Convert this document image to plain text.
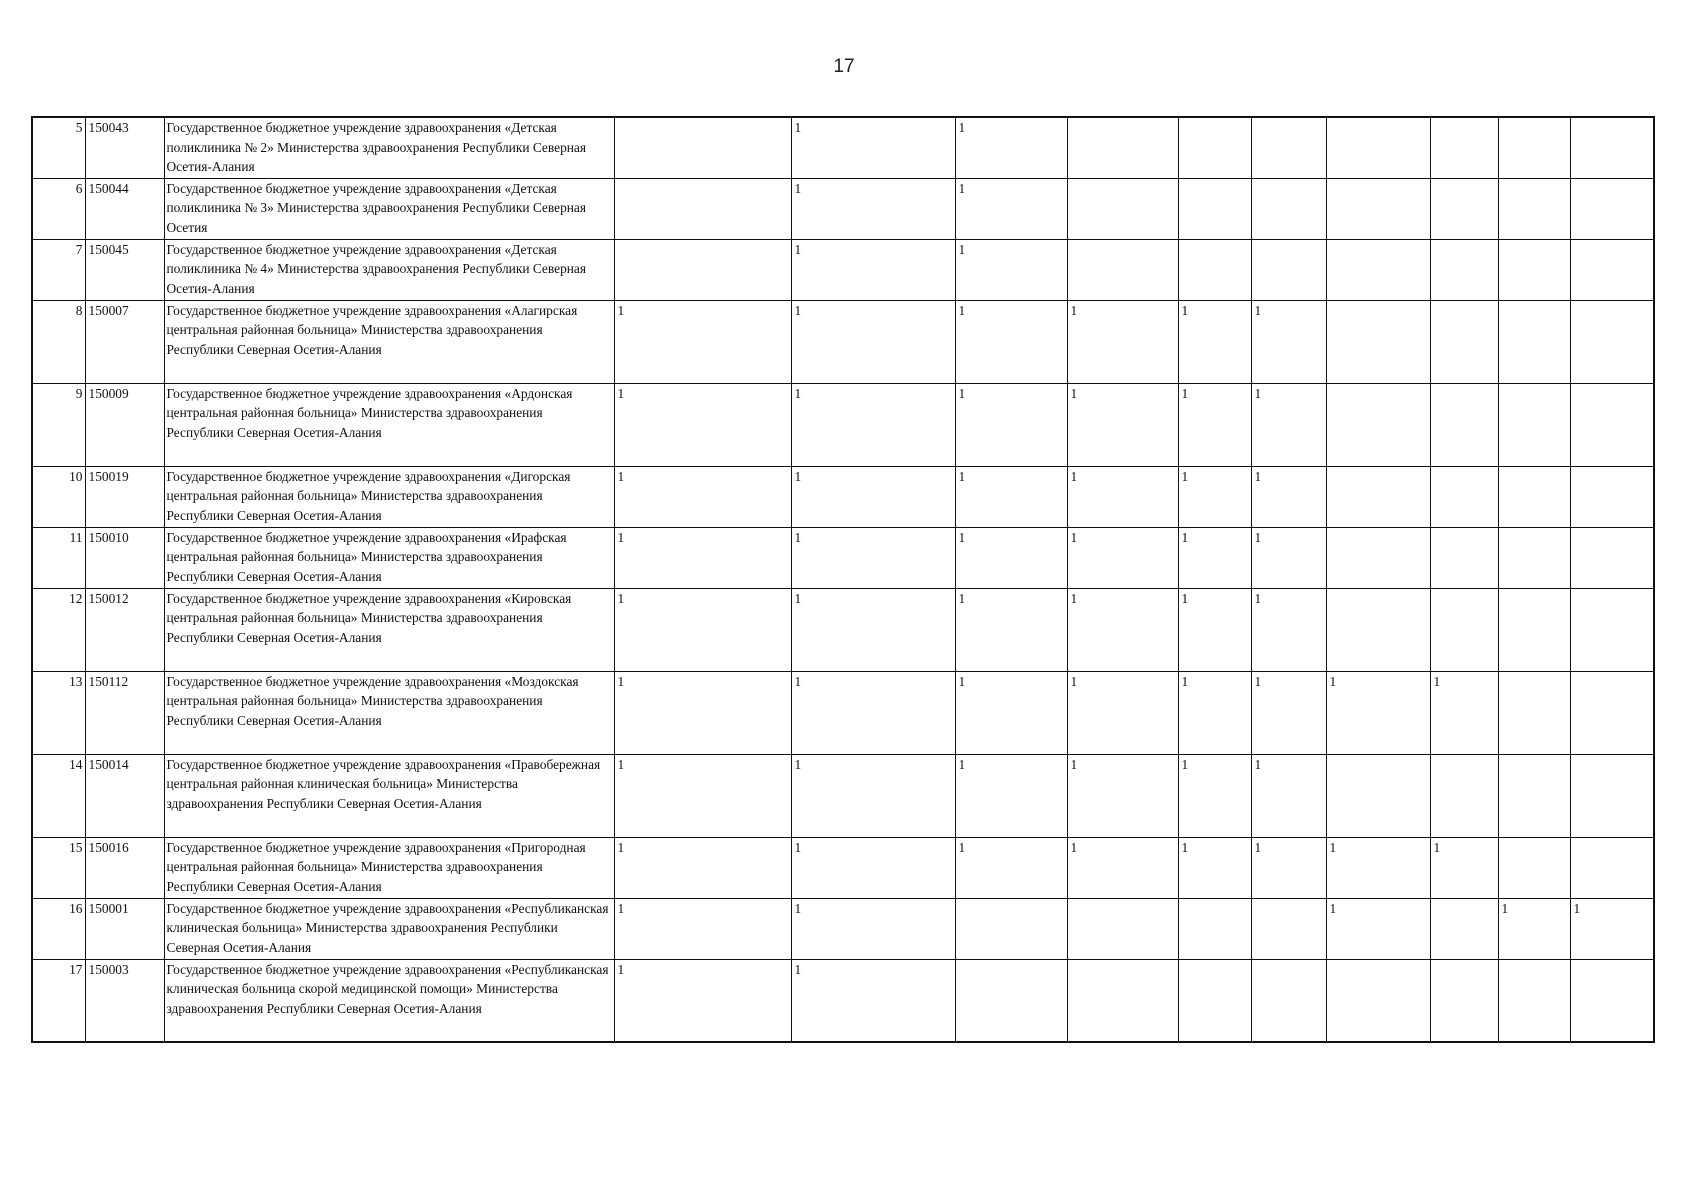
17
5	150043	Государственное бюджетное учреждение здравоохранения «Детская поликлиника № 2» Министерства здравоохранения Республики Северная Осетия-Алания		1	1							
6	150044	Государственное бюджетное учреждение здравоохранения «Детская поликлиника № 3» Министерства здравоохранения Республики Северная Осетия		1	1							
7	150045	Государственное бюджетное учреждение здравоохранения «Детская поликлиника № 4» Министерства здравоохранения Республики Северная Осетия-Алания		1	1							
8	150007	Государственное бюджетное учреждение здравоохранения «Алагирская центральная районная больница» Министерства здравоохранения Республики Северная Осетия-Алания	1	1	1	1	1	1				
9	150009	Государственное бюджетное учреждение здравоохранения «Ардонская центральная районная больница» Министерства здравоохранения Республики Северная Осетия-Алания	1	1	1	1	1	1				
10	150019	Государственное бюджетное учреждение здравоохранения «Дигорская центральная районная больница» Министерства здравоохранения Республики Северная Осетия-Алания	1	1	1	1	1	1				
11	150010	Государственное бюджетное учреждение здравоохранения «Ирафская центральная районная больница» Министерства здравоохранения Республики Северная Осетия-Алания	1	1	1	1	1	1				
12	150012	Государственное бюджетное учреждение здравоохранения «Кировская центральная районная больница» Министерства здравоохранения Республики Северная Осетия-Алания	1	1	1	1	1	1				
13	150112	Государственное бюджетное учреждение здравоохранения «Моздокская центральная районная больница» Министерства здравоохранения Республики Северная Осетия-Алания	1	1	1	1	1	1	1	1		
14	150014	Государственное бюджетное учреждение здравоохранения «Правобережная центральная районная клиническая больница» Министерства здравоохранения Республики Северная Осетия-Алания	1	1	1	1	1	1				
15	150016	Государственное бюджетное учреждение здравоохранения «Пригородная центральная районная больница» Министерства здравоохранения Республики Северная Осетия-Алания	1	1	1	1	1	1	1	1		
16	150001	Государственное бюджетное учреждение здравоохранения «Республиканская клиническая больница» Министерства здравоохранения Республики Северная Осетия-Алания	1	1					1		1	1
17	150003	Государственное бюджетное учреждение здравоохранения «Республиканская клиническая больница скорой медицинской помощи» Министерства здравоохранения Республики Северная Осетия-Алания	1	1								
